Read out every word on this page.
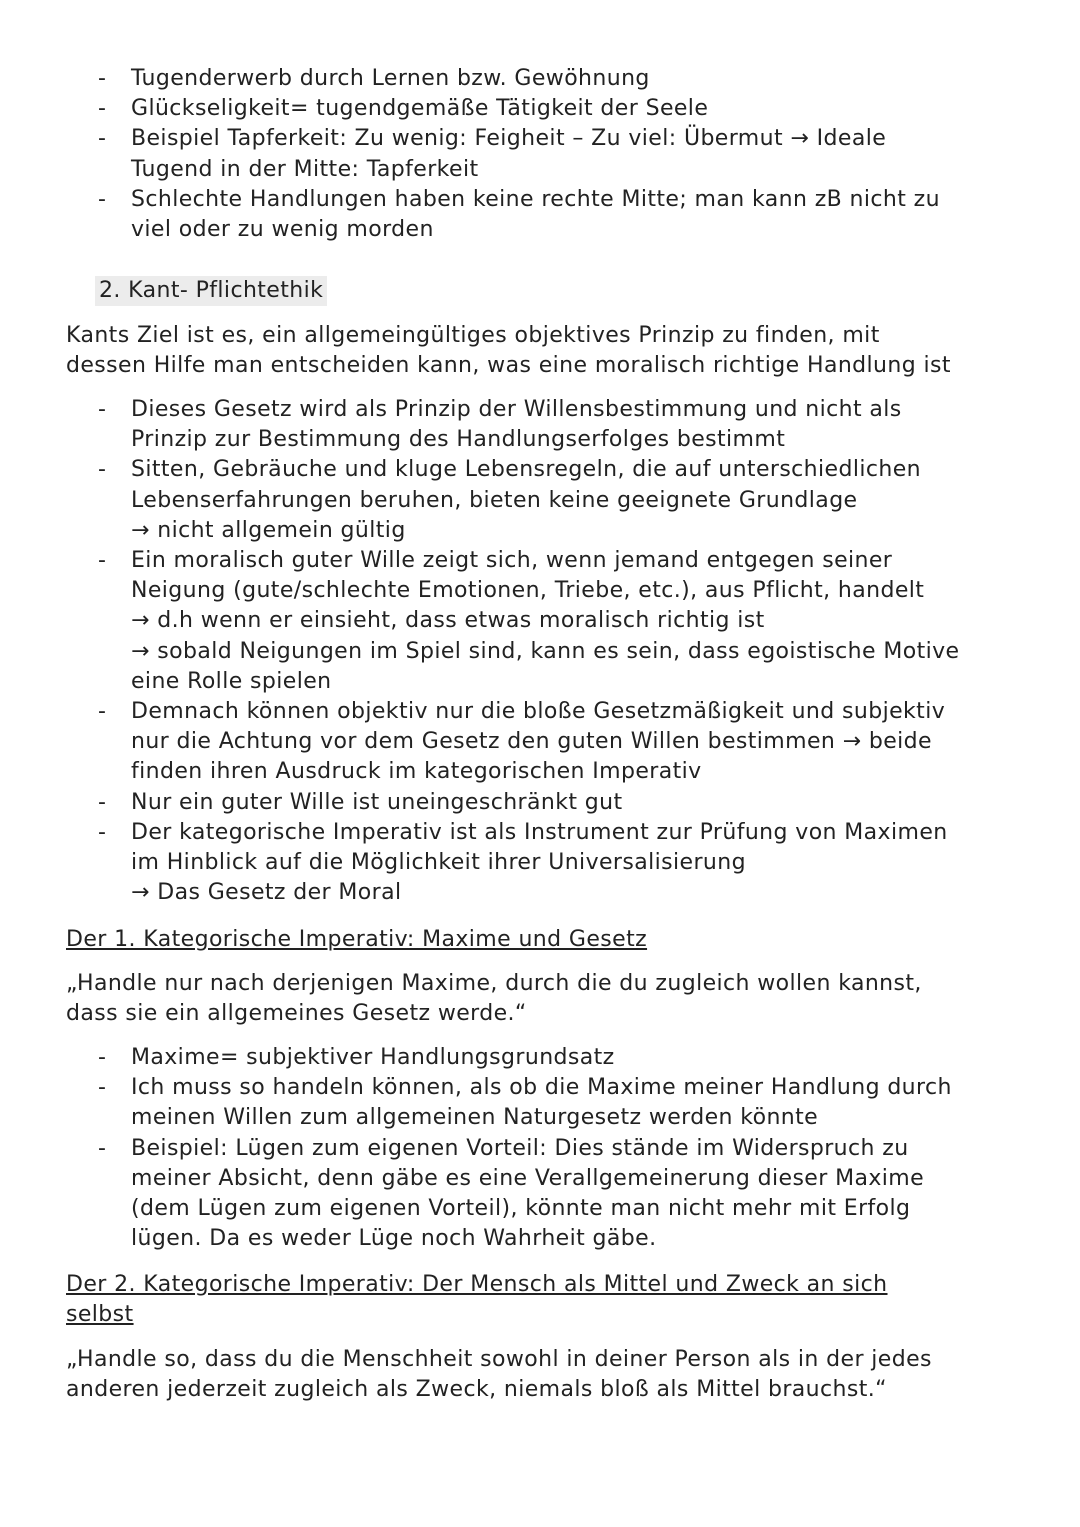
- Tugenderwerb durch Lernen bzw. Gewöhnung
- Glückseligkeit= tugendgemäße Tätigkeit der Seele
- Beispiel Tapferkeit: Zu wenig: Feigheit – Zu viel: Übermut → Ideale
Tugend in der Mitte: Tapferkeit
- Schlechte Handlungen haben keine rechte Mitte; man kann zB nicht zu
viel oder zu wenig morden
2. Kant- Pflichtethik

Kants Ziel ist es, ein allgemeingültiges objektives Prinzip zu finden, mit
dessen Hilfe man entscheiden kann, was eine moralisch richtige Handlung ist

- Dieses Gesetz wird als Prinzip der Willensbestimmung und nicht als
Prinzip zur Bestimmung des Handlungserfolges bestimmt
- Sitten, Gebräuche und kluge Lebensregeln, die auf unterschiedlichen
Lebenserfahrungen beruhen, bieten keine geeignete Grundlage
→ nicht allgemein gültig
- Ein moralisch guter Wille zeigt sich, wenn jemand entgegen seiner
Neigung (gute/schlechte Emotionen, Triebe, etc.), aus Pflicht, handelt
→ d.h wenn er einsieht, dass etwas moralisch richtig ist
→ sobald Neigungen im Spiel sind, kann es sein, dass egoistische Motive
eine Rolle spielen
- Demnach können objektiv nur die bloße Gesetzmäßigkeit und subjektiv
nur die Achtung vor dem Gesetz den guten Willen bestimmen → beide
finden ihren Ausdruck im kategorischen Imperativ
- Nur ein guter Wille ist uneingeschränkt gut
- Der kategorische Imperativ ist als Instrument zur Prüfung von Maximen
im Hinblick auf die Möglichkeit ihrer Universalisierung
→ Das Gesetz der Moral

Der 1. Kategorische Imperativ: Maxime und Gesetz

„Handle nur nach derjenigen Maxime, durch die du zugleich wollen kannst,
dass sie ein allgemeines Gesetz werde.“

- Maxime= subjektiver Handlungsgrundsatz
- Ich muss so handeln können, als ob die Maxime meiner Handlung durch
meinen Willen zum allgemeinen Naturgesetz werden könnte
- Beispiel: Lügen zum eigenen Vorteil: Dies stände im Widerspruch zu
meiner Absicht, denn gäbe es eine Verallgemeinerung dieser Maxime
(dem Lügen zum eigenen Vorteil), könnte man nicht mehr mit Erfolg
lügen. Da es weder Lüge noch Wahrheit gäbe.

Der 2. Kategorische Imperativ: Der Mensch als Mittel und Zweck an sich
selbst

„Handle so, dass du die Menschheit sowohl in deiner Person als in der jedes
anderen jederzeit zugleich als Zweck, niemals bloß als Mittel brauchst.“
